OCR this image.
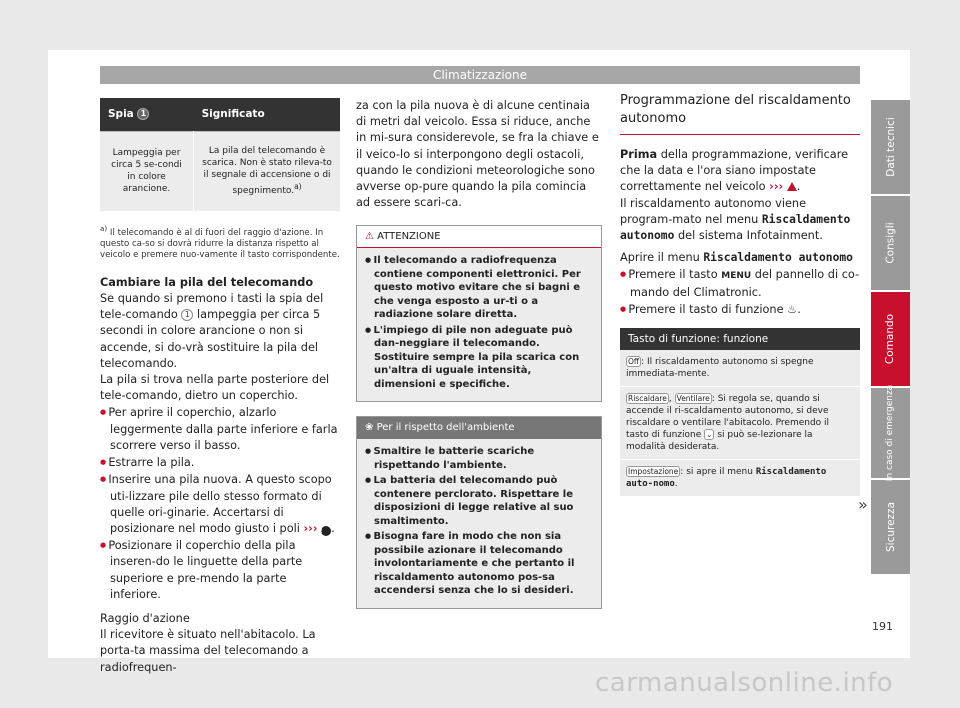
Climatizzazione
Spia 1	Significato
Lampeggia per circa 5 se-condi in colore arancione.	La pila del telecomando è scarica. Non è stato rileva-to il segnale di accensione o di spegnimento.$^{a)}$

$^{a)}$ Il telecomando è al di fuori del raggio d'azione. In questo ca-so si dovrà ridurre la distanza rispetto al veicolo e premere nuo-vamente il tasto corrispondente.

Cambiare la pila del telecomando

Se quando si premono i tasti la spia del tele-comando 1 lampeggia per circa 5 secondi in colore arancione o non si accende, si do-vrà sostituire la pila del telecomando.

La pila si trova nella parte posteriore del tele-comando, dietro un coperchio.

● Per aprire il coperchio, alzarlo leggermente dalla parte inferiore e farla scorrere verso il basso.

● Estrarre la pila.

● Inserire una pila nuova. A questo scopo uti-lizzare pile dello stesso formato di quelle ori-ginarie. Accertarsi di posizionare nel modo giusto i poli ››› ! .

● Posizionare il coperchio della pila inseren-do le linguette della parte superiore e pre-mendo la parte inferiore.

Raggio d'azione

Il ricevitore è situato nell'abitacolo. La porta-ta massima del telecomando a radiofrequen-

za con la pila nuova è di alcune centinaia di metri dal veicolo. Essa si riduce, anche in mi-sura considerevole, se fra la chiave e il veico-lo si interpongono degli ostacoli, quando le condizioni meteorologiche sono avverse op-pure quando la pila comincia ad essere scari-ca.

⚠ ATTENZIONE

● Il telecomando a radiofrequenza contiene componenti elettronici. Per questo motivo evitare che si bagni e che venga esposto a ur-ti o a radiazione solare diretta.

● L'impiego di pile non adeguate può dan-neggiare il telecomando. Sostituire sempre la pila scarica con un'altra di uguale intensità, dimensioni e specifiche.

❀ Per il rispetto dell'ambiente

● Smaltire le batterie scariche rispettando l'ambiente.

● La batteria del telecomando può contenere perclorato. Rispettare le disposizioni di legge relative al suo smaltimento.

● Bisogna fare in modo che non sia possibile azionare il telecomando involontariamente e che pertanto il riscaldamento autonomo pos-sa accendersi senza che lo si desideri.

Programmazione del riscaldamento autonomo

Prima della programmazione, verificare che la data e l'ora siano impostate correttamente nel veicolo ››› .

Il riscaldamento autonomo viene program-mato nel menu Riscaldamento autonomo del sistema Infotainment.

Aprire il menu Riscaldamento autonomo

● Premere il tasto MENU del pannello di co-mando del Climatronic.

● Premere il tasto di funzione ♨.

Tasto di funzione: funzione
Off : Il riscaldamento autonomo si spegne immediata-mente.
Riscaldare , Ventilare : Si regola se, quando si accende il ri-scaldamento autonomo, si deve riscaldare o ventilare l'abitacolo. Premendo il tasto di funzione ⌄ si può se-lezionare la modalità desiderata.
Impostazione : si apre il menu Riscaldamento auto-nomo.
»
Dati tecnici
Consigli
Comando
In caso di emergenza
Sicurezza
191
carmanualsonline.info
